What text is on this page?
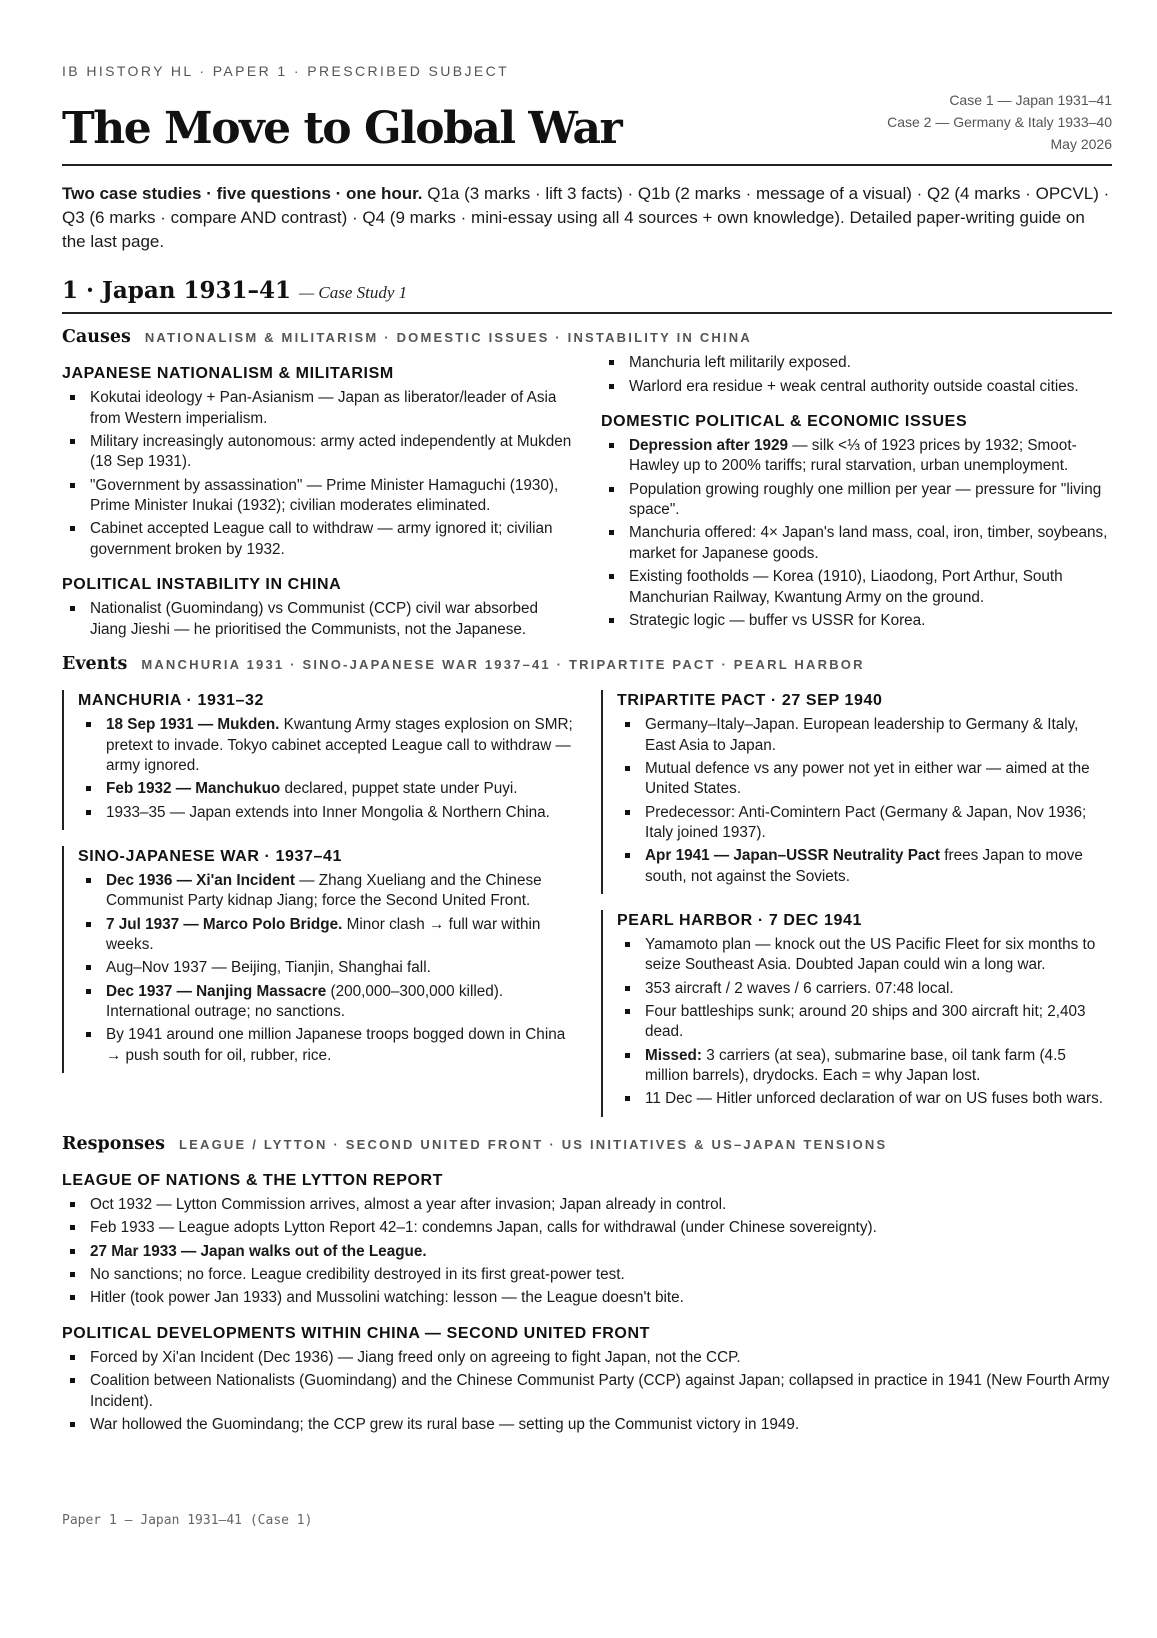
IB HISTORY HL · PAPER 1 · PRESCRIBED SUBJECT
The Move to Global War
Case 1 — Japan 1931–41
Case 2 — Germany & Italy 1933–40
May 2026

Two case studies · five questions · one hour. Q1a (3 marks · lift 3 facts) · Q1b (2 marks · message of a visual) · Q2 (4 marks · OPCVL) · Q3 (6 marks · compare AND contrast) · Q4 (9 marks · mini-essay using all 4 sources + own knowledge). Detailed paper-writing guide on the last page.

1 · Japan 1931–41 — Case Study 1
Causes NATIONALISM & MILITARISM · DOMESTIC ISSUES · INSTABILITY IN CHINA
JAPANESE NATIONALISM & MILITARISM
Kokutai ideology + Pan-Asianism — Japan as liberator/leader of Asia from Western imperialism.
Military increasingly autonomous: army acted independently at Mukden (18 Sep 1931).
"Government by assassination" — Prime Minister Hamaguchi (1930), Prime Minister Inukai (1932); civilian moderates eliminated.
Cabinet accepted League call to withdraw — army ignored it; civilian government broken by 1932.
POLITICAL INSTABILITY IN CHINA
Nationalist (Guomindang) vs Communist (CCP) civil war absorbed Jiang Jieshi — he prioritised the Communists, not the Japanese.
Manchuria left militarily exposed.
Warlord era residue + weak central authority outside coastal cities.
DOMESTIC POLITICAL & ECONOMIC ISSUES
Depression after 1929 — silk <⅓ of 1923 prices by 1932; Smoot-Hawley up to 200% tariffs; rural starvation, urban unemployment.
Population growing roughly one million per year — pressure for "living space".
Manchuria offered: 4× Japan's land mass, coal, iron, timber, soybeans, market for Japanese goods.
Existing footholds — Korea (1910), Liaodong, Port Arthur, South Manchurian Railway, Kwantung Army on the ground.
Strategic logic — buffer vs USSR for Korea.
Events MANCHURIA 1931 · SINO-JAPANESE WAR 1937–41 · TRIPARTITE PACT · PEARL HARBOR
MANCHURIA · 1931–32
18 Sep 1931 — Mukden. Kwantung Army stages explosion on SMR; pretext to invade. Tokyo cabinet accepted League call to withdraw — army ignored.
Feb 1932 — Manchukuo declared, puppet state under Puyi.
1933–35 — Japan extends into Inner Mongolia & Northern China.
SINO-JAPANESE WAR · 1937–41
Dec 1936 — Xi'an Incident — Zhang Xueliang and the Chinese Communist Party kidnap Jiang; force the Second United Front.
7 Jul 1937 — Marco Polo Bridge. Minor clash → full war within weeks.
Aug–Nov 1937 — Beijing, Tianjin, Shanghai fall.
Dec 1937 — Nanjing Massacre (200,000–300,000 killed). International outrage; no sanctions.
By 1941 around one million Japanese troops bogged down in China → push south for oil, rubber, rice.
TRIPARTITE PACT · 27 SEP 1940
Germany–Italy–Japan. European leadership to Germany & Italy, East Asia to Japan.
Mutual defence vs any power not yet in either war — aimed at the United States.
Predecessor: Anti-Comintern Pact (Germany & Japan, Nov 1936; Italy joined 1937).
Apr 1941 — Japan–USSR Neutrality Pact frees Japan to move south, not against the Soviets.
PEARL HARBOR · 7 DEC 1941
Yamamoto plan — knock out the US Pacific Fleet for six months to seize Southeast Asia. Doubted Japan could win a long war.
353 aircraft / 2 waves / 6 carriers. 07:48 local.
Four battleships sunk; around 20 ships and 300 aircraft hit; 2,403 dead.
Missed: 3 carriers (at sea), submarine base, oil tank farm (4.5 million barrels), drydocks. Each = why Japan lost.
11 Dec — Hitler unforced declaration of war on US fuses both wars.
Responses LEAGUE / LYTTON · SECOND UNITED FRONT · US INITIATIVES & US–JAPAN TENSIONS
LEAGUE OF NATIONS & THE LYTTON REPORT
Oct 1932 — Lytton Commission arrives, almost a year after invasion; Japan already in control.
Feb 1933 — League adopts Lytton Report 42–1: condemns Japan, calls for withdrawal (under Chinese sovereignty).
27 Mar 1933 — Japan walks out of the League.
No sanctions; no force. League credibility destroyed in its first great-power test.
Hitler (took power Jan 1933) and Mussolini watching: lesson — the League doesn't bite.
POLITICAL DEVELOPMENTS WITHIN CHINA — SECOND UNITED FRONT
Forced by Xi'an Incident (Dec 1936) — Jiang freed only on agreeing to fight Japan, not the CCP.
Coalition between Nationalists (Guomindang) and the Chinese Communist Party (CCP) against Japan; collapsed in practice in 1941 (New Fourth Army Incident).
War hollowed the Guomindang; the CCP grew its rural base — setting up the Communist victory in 1949.
Paper 1 — Japan 1931–41 (Case 1)
